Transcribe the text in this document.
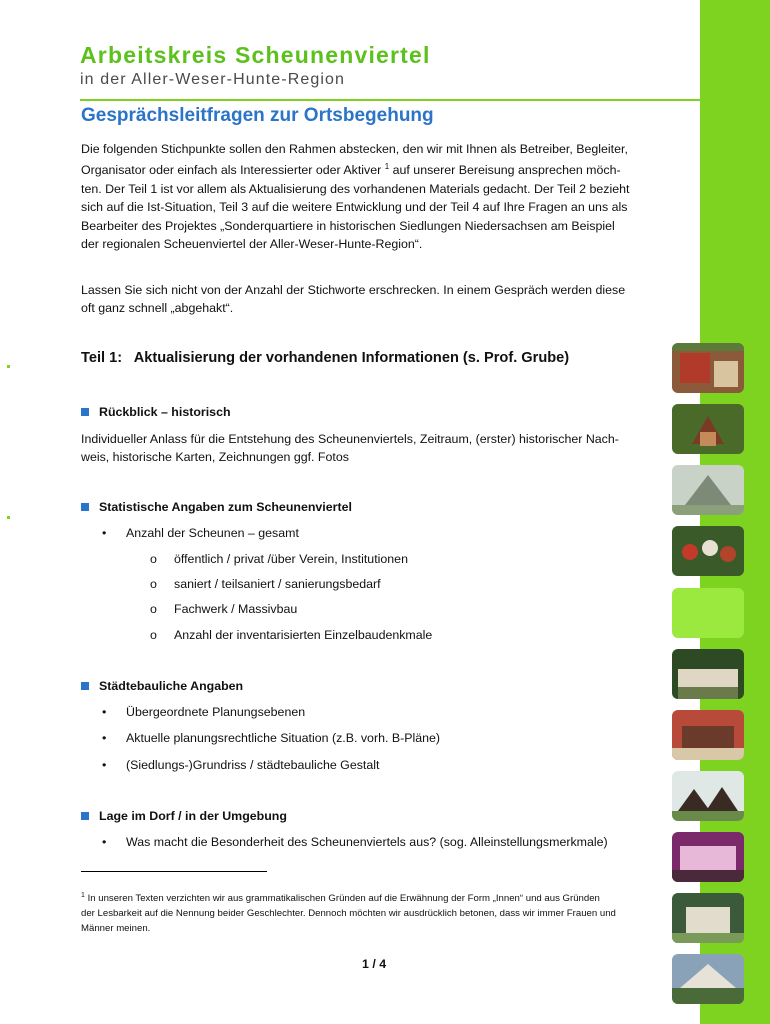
Arbeitskreis Scheunenviertel
in der Aller-Weser-Hunte-Region
Gesprächsleitfragen zur Ortsbegehung
Die folgenden Stichpunkte sollen den Rahmen abstecken, den wir mit Ihnen als Betreiber, Begleiter,
Organisator oder einfach als Interessierter oder Aktiver $^1$ auf unserer Bereisung ansprechen möch-
ten. Der Teil 1 ist vor allem als Aktualisierung des vorhandenen Materials gedacht. Der Teil 2 bezieht
sich auf die Ist-Situation, Teil 3 auf die weitere Entwicklung und der Teil 4 auf Ihre Fragen an uns als
Bearbeiter des Projektes „Sonderquartiere in historischen Siedlungen Niedersachsen am Beispiel
der regionalen Scheuenviertel der Aller-Weser-Hunte-Region“.
Lassen Sie sich nicht von der Anzahl der Stichworte erschrecken. In einem Gespräch werden diese
oft ganz schnell „abgehakt“.
Teil 1:   Aktualisierung der vorhandenen Informationen (s. Prof. Grube)
Rückblick – historisch
Individueller Anlass für die Entstehung des Scheunenviertels, Zeitraum, (erster) historischer Nach-
weis, historische Karten, Zeichnungen ggf. Fotos
Statistische Angaben zum Scheunenviertel
• Anzahl der Scheunen – gesamt
o öffentlich / privat /über Verein, Institutionen
o saniert / teilsaniert / sanierungsbedarf
o Fachwerk / Massivbau
o Anzahl der inventarisierten Einzelbaudenkmale
Städtebauliche Angaben
• Übergeordnete Planungsebenen
• Aktuelle planungsrechtliche Situation (z.B. vorh. B-Pläne)
• (Siedlungs-)Grundriss / städtebauliche Gestalt
Lage im Dorf / in der Umgebung
• Was macht die Besonderheit des Scheunenviertels aus? (sog. Alleinstellungsmerkmale)
$^1$ In unseren Texten verzichten wir aus grammatikalischen Gründen auf die Erwähnung der Form „Innen“ und aus Gründen
der Lesbarkeit auf die Nennung beider Geschlechter. Dennoch möchten wir ausdrücklich betonen, dass wir immer Frauen und
Männer meinen.
1 / 4
